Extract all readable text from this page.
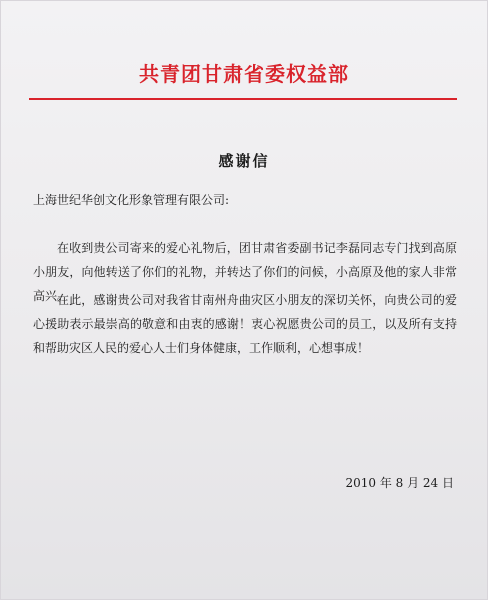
共青团甘肃省委权益部
感谢信
上海世纪华创文化形象管理有限公司:
在收到贵公司寄来的爱心礼物后，团甘肃省委副书记李磊同志专门找到高原小朋友，向他转送了你们的礼物，并转达了你们的问候，小高原及他的家人非常高兴。
在此，感谢贵公司对我省甘南州舟曲灾区小朋友的深切关怀，向贵公司的爱心援助表示最崇高的敬意和由衷的感谢！衷心祝愿贵公司的员工，以及所有支持和帮助灾区人民的爱心人士们身体健康，工作顺利，心想事成！
2010 年 8 月 24 日
